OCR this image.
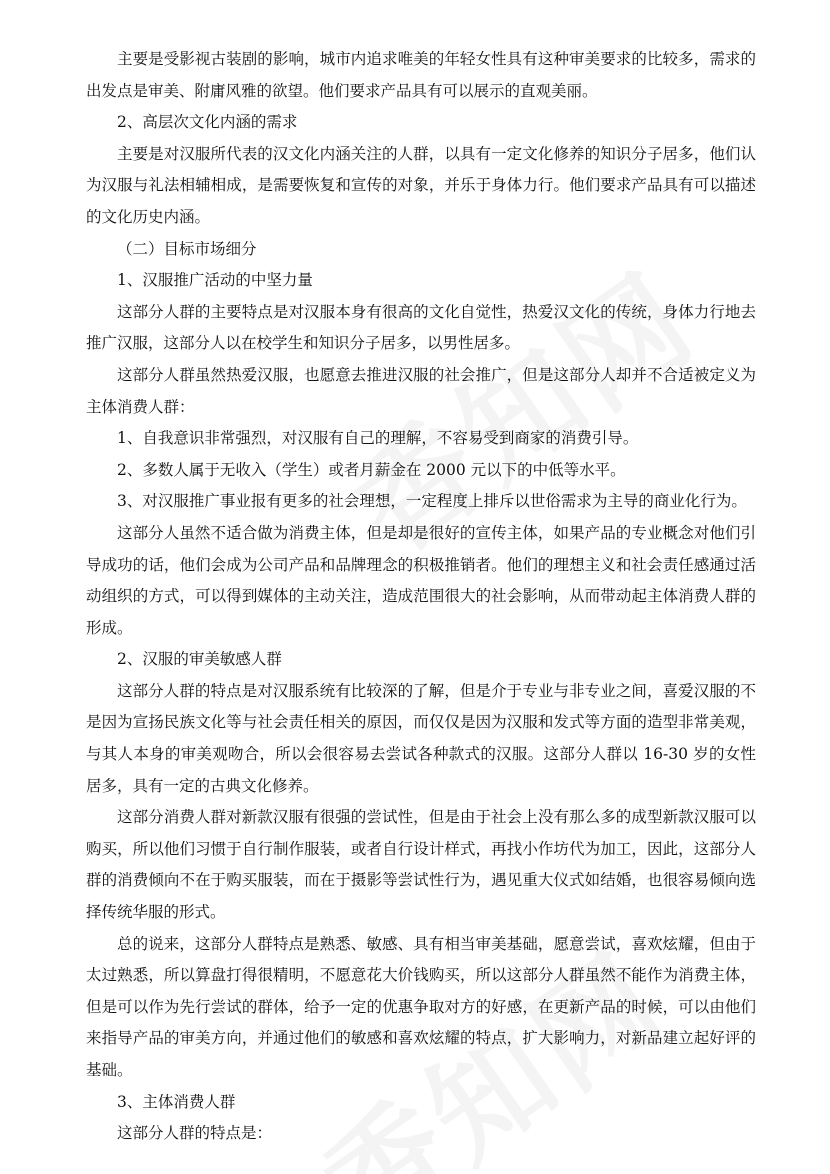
主要是受影视古装剧的影响，城市内追求唯美的年轻女性具有这种审美要求的比较多，需求的出发点是审美、附庸风雅的欲望。他们要求产品具有可以展示的直观美丽。

2、高层次文化内涵的需求

主要是对汉服所代表的汉文化内涵关注的人群，以具有一定文化修养的知识分子居多，他们认为汉服与礼法相辅相成，是需要恢复和宣传的对象，并乐于身体力行。他们要求产品具有可以描述的文化历史内涵。

（二）目标市场细分

1、汉服推广活动的中坚力量

这部分人群的主要特点是对汉服本身有很高的文化自觉性，热爱汉文化的传统，身体力行地去推广汉服，这部分人以在校学生和知识分子居多，以男性居多。

这部分人群虽然热爱汉服，也愿意去推进汉服的社会推广，但是这部分人却并不合适被定义为主体消费人群：

1、自我意识非常强烈，对汉服有自己的理解，不容易受到商家的消费引导。

2、多数人属于无收入（学生）或者月薪金在 2000 元以下的中低等水平。

3、对汉服推广事业报有更多的社会理想，一定程度上排斥以世俗需求为主导的商业化行为。

这部分人虽然不适合做为消费主体，但是却是很好的宣传主体，如果产品的专业概念对他们引导成功的话，他们会成为公司产品和品牌理念的积极推销者。他们的理想主义和社会责任感通过活动组织的方式，可以得到媒体的主动关注，造成范围很大的社会影响，从而带动起主体消费人群的形成。

2、汉服的审美敏感人群

这部分人群的特点是对汉服系统有比较深的了解，但是介于专业与非专业之间，喜爱汉服的不是因为宣扬民族文化等与社会责任相关的原因，而仅仅是因为汉服和发式等方面的造型非常美观，与其人本身的审美观吻合，所以会很容易去尝试各种款式的汉服。这部分人群以 16-30 岁的女性居多，具有一定的古典文化修养。

这部分消费人群对新款汉服有很强的尝试性，但是由于社会上没有那么多的成型新款汉服可以购买，所以他们习惯于自行制作服装，或者自行设计样式，再找小作坊代为加工，因此，这部分人群的消费倾向不在于购买服装，而在于摄影等尝试性行为，遇见重大仪式如结婚，也很容易倾向选择传统华服的形式。

总的说来，这部分人群特点是熟悉、敏感、具有相当审美基础，愿意尝试，喜欢炫耀，但由于太过熟悉，所以算盘打得很精明，不愿意花大价钱购买，所以这部分人群虽然不能作为消费主体，但是可以作为先行尝试的群体，给予一定的优惠争取对方的好感，在更新产品的时候，可以由他们来指导产品的审美方向，并通过他们的敏感和喜欢炫耀的特点，扩大影响力，对新品建立起好评的基础。

3、主体消费人群

这部分人群的特点是：
